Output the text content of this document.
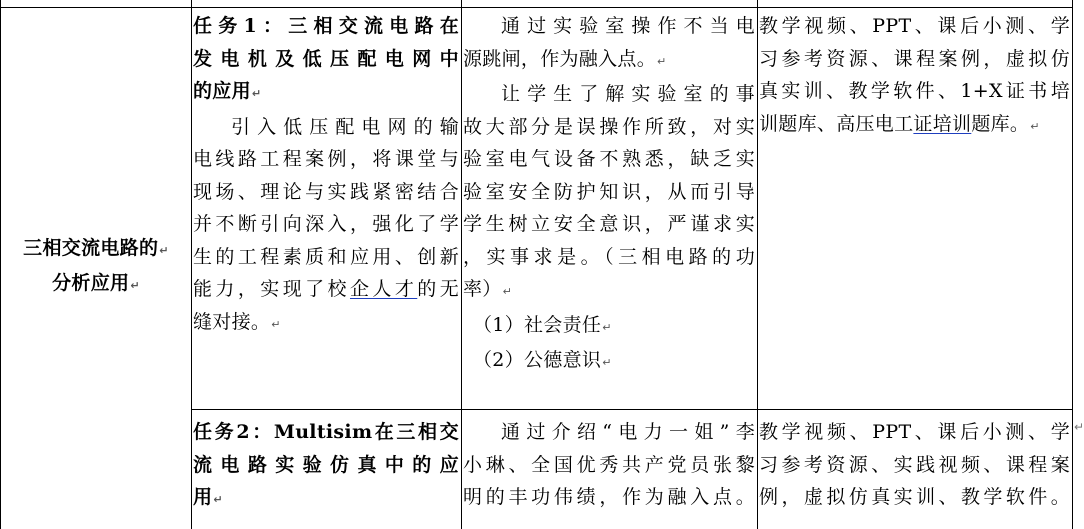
三相交流电路的↵
分析应用↵

任务1：三相交流电路在

发电机及低压配电网中

的应用↵

引入低压配电网的输

电线路工程案例，将课堂与

现场、理论与实践紧密结合

并不断引向深入，强化了学

生的工程素质和应用、创新

能力，实现了校企人才的无

缝对接。↵

通过实验室操作不当电

源跳闸，作为融入点。↵

让学生了解实验室的事

故大部分是误操作所致，对实

验室电气设备不熟悉，缺乏实

验室安全防护知识，从而引导

学生树立安全意识，严谨求实

，实事求是。（三相电路的功

率）↵

（1）社会责任↵

（2）公德意识↵

教学视频、PPT、课后小测、学

习参考资源、课程案例，虚拟仿

真实训、教学软件、1+X证书培

训题库、高压电工证培训题库。↵

任务2：Multisim在三相交

流电路实验仿真中的应

用↵

通过介绍“电力一姐”李

小琳、全国优秀共产党员张黎

明的丰功伟绩，作为融入点。

教学视频、PPT、课后小测、学

习参考资源、实践视频、课程案

例，虚拟仿真实训、教学软件。

↵
